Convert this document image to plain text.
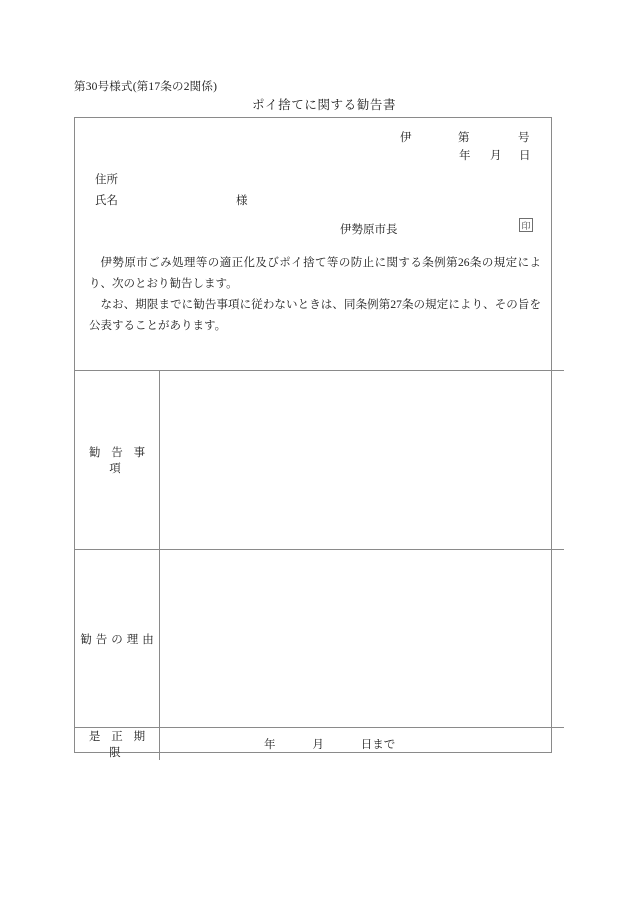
第30号様式(第17条の2関係)
ポイ捨てに関する勧告書
伊	第	号
年 月 日
住所
氏名	様
伊勢原市長	印

伊勢原市ごみ処理等の適正化及びポイ捨て等の防止に関する条例第26条の規定により、次のとおり勧告します。

なお、期限までに勧告事項に従わないときは、同条例第27条の規定により、その旨を公表することがあります。

勧 告 事 項	
勧告の理由	
是 正 期 限	年 月 日まで
